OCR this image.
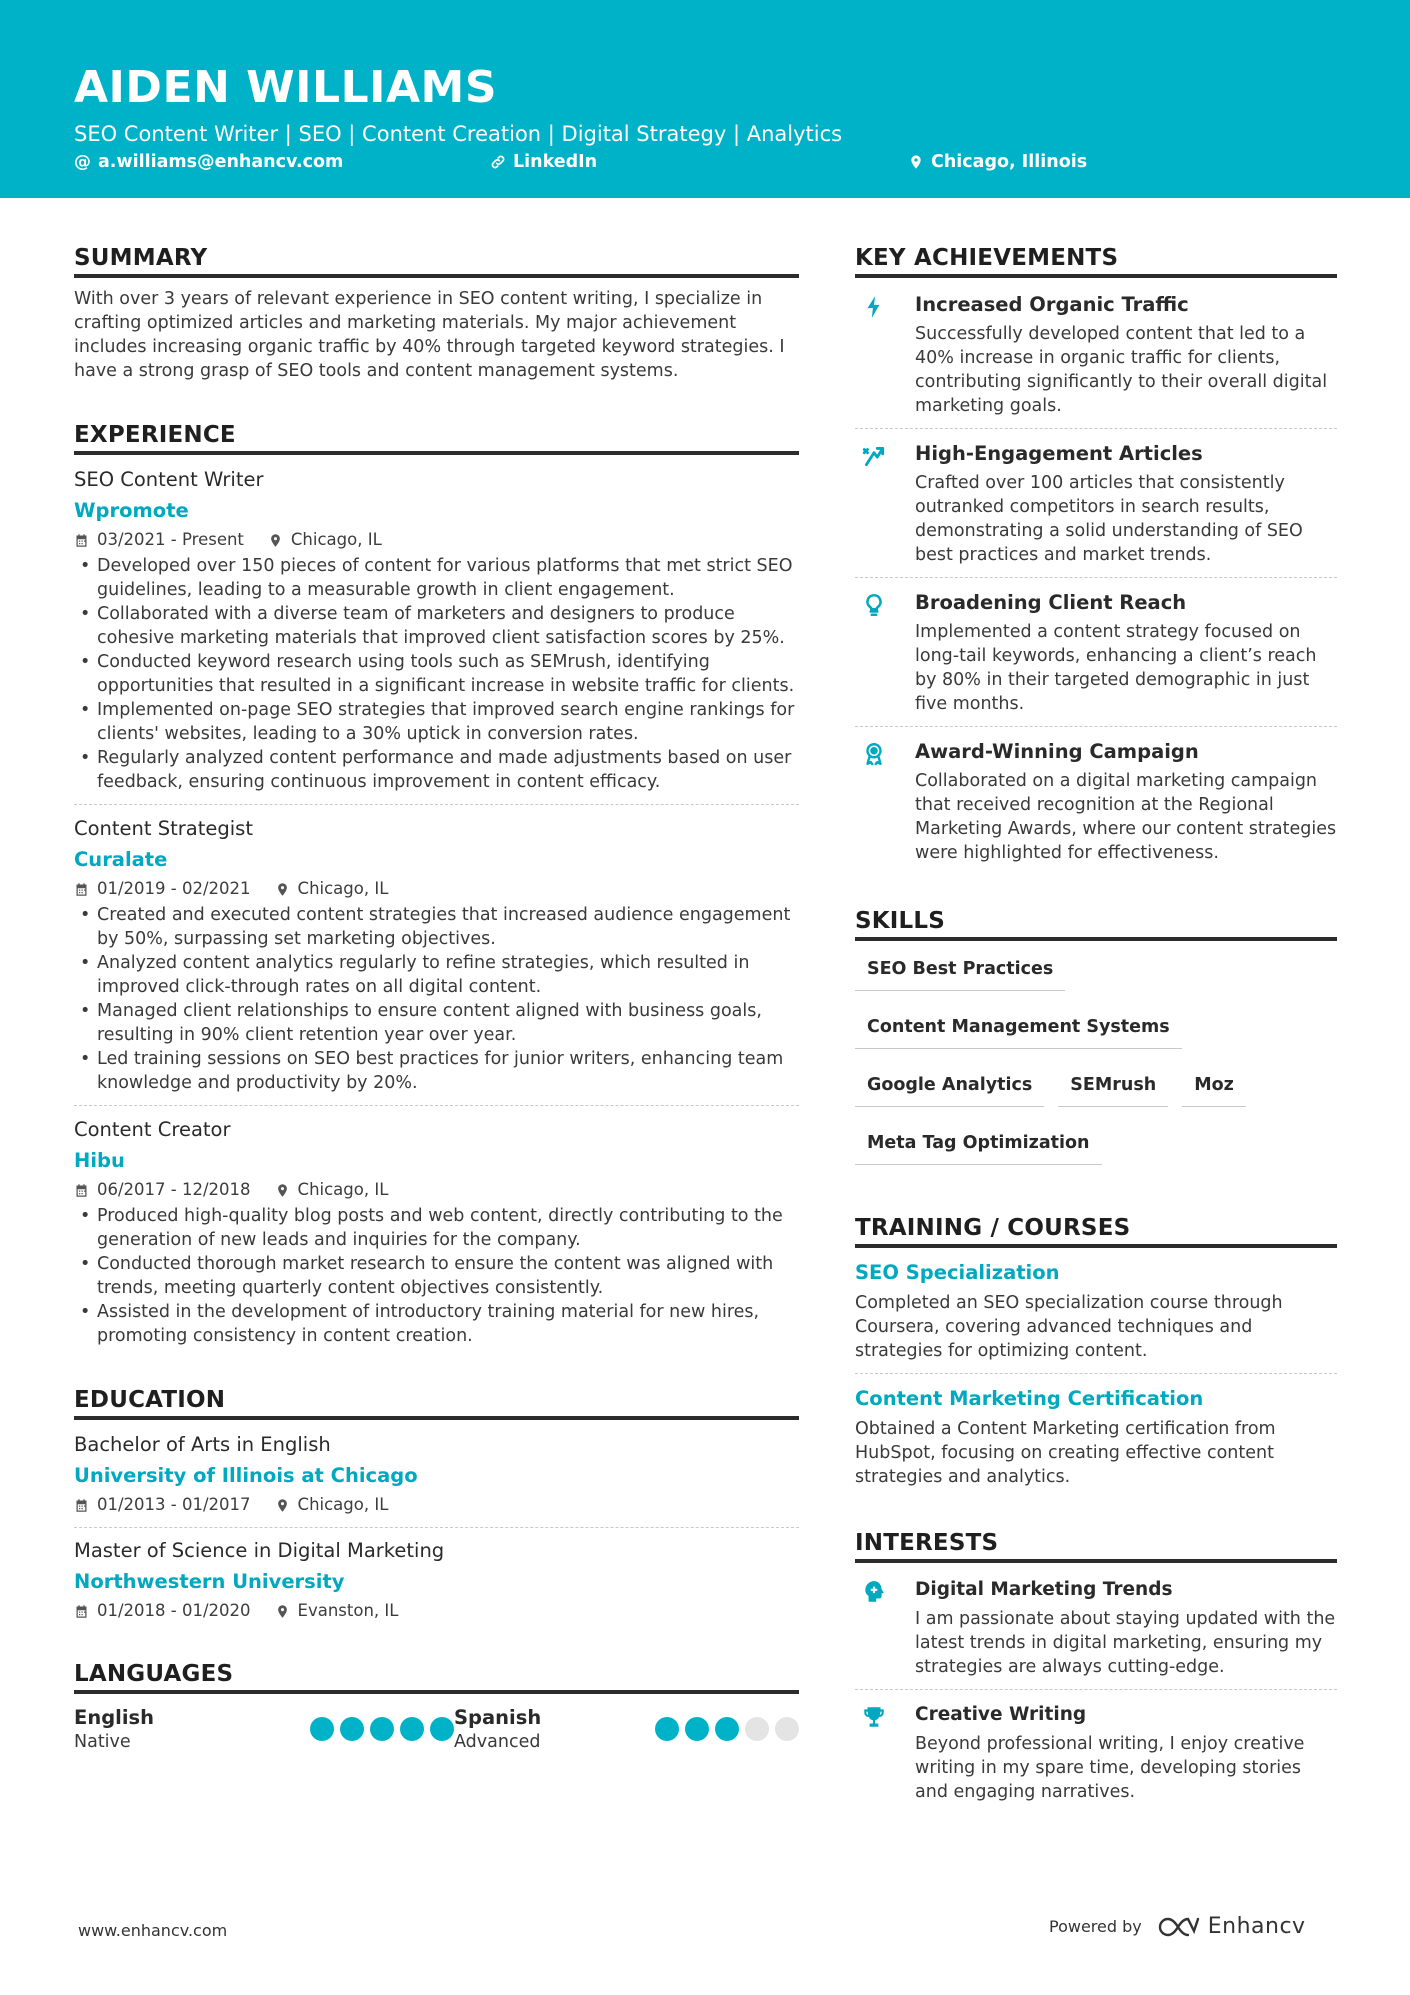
AIDEN WILLIAMS
SEO Content Writer | SEO | Content Creation | Digital Strategy | Analytics
@ a.williams@enhancv.com	LinkedIn	Chicago, Illinois
SUMMARY

With over 3 years of relevant experience in SEO content writing, I specialize in crafting optimized articles and marketing materials. My major achievement includes increasing organic traffic by 40% through targeted keyword strategies. I have a strong grasp of SEO tools and content management systems.

EXPERIENCE
SEO Content Writer
Wpromote
03/2021 - Present	Chicago, IL
• Developed over 150 pieces of content for various platforms that met strict SEO guidelines, leading to a measurable growth in client engagement.
• Collaborated with a diverse team of marketers and designers to produce cohesive marketing materials that improved client satisfaction scores by 25%.
• Conducted keyword research using tools such as SEMrush, identifying opportunities that resulted in a significant increase in website traffic for clients.
• Implemented on-page SEO strategies that improved search engine rankings for clients' websites, leading to a 30% uptick in conversion rates.
• Regularly analyzed content performance and made adjustments based on user feedback, ensuring continuous improvement in content efficacy.
Content Strategist
Curalate
01/2019 - 02/2021	Chicago, IL
• Created and executed content strategies that increased audience engagement by 50%, surpassing set marketing objectives.
• Analyzed content analytics regularly to refine strategies, which resulted in improved click-through rates on all digital content.
• Managed client relationships to ensure content aligned with business goals, resulting in 90% client retention year over year.
• Led training sessions on SEO best practices for junior writers, enhancing team knowledge and productivity by 20%.
Content Creator
Hibu
06/2017 - 12/2018	Chicago, IL
• Produced high-quality blog posts and web content, directly contributing to the generation of new leads and inquiries for the company.
• Conducted thorough market research to ensure the content was aligned with trends, meeting quarterly content objectives consistently.
• Assisted in the development of introductory training material for new hires, promoting consistency in content creation.
EDUCATION
Bachelor of Arts in English
University of Illinois at Chicago
01/2013 - 01/2017	Chicago, IL
Master of Science in Digital Marketing
Northwestern University
01/2018 - 01/2020	Evanston, IL
LANGUAGES
English
Native
Spanish
Advanced
KEY ACHIEVEMENTS
Increased Organic Traffic
Successfully developed content that led to a 40% increase in organic traffic for clients, contributing significantly to their overall digital marketing goals.
High-Engagement Articles
Crafted over 100 articles that consistently outranked competitors in search results, demonstrating a solid understanding of SEO best practices and market trends.
Broadening Client Reach
Implemented a content strategy focused on long-tail keywords, enhancing a client’s reach by 80% in their targeted demographic in just five months.
Award-Winning Campaign
Collaborated on a digital marketing campaign that received recognition at the Regional Marketing Awards, where our content strategies were highlighted for effectiveness.
SKILLS
SEO Best Practices
Content Management Systems
Google Analytics	SEMrush	Moz
Meta Tag Optimization
TRAINING / COURSES
SEO Specialization

Completed an SEO specialization course through Coursera, covering advanced techniques and strategies for optimizing content.

Content Marketing Certification

Obtained a Content Marketing certification from HubSpot, focusing on creating effective content strategies and analytics.

INTERESTS
Digital Marketing Trends
I am passionate about staying updated with the latest trends in digital marketing, ensuring my strategies are always cutting-edge.
Creative Writing
Beyond professional writing, I enjoy creative writing in my spare time, developing stories and engaging narratives.
www.enhancv.com	Powered by	Enhancv
